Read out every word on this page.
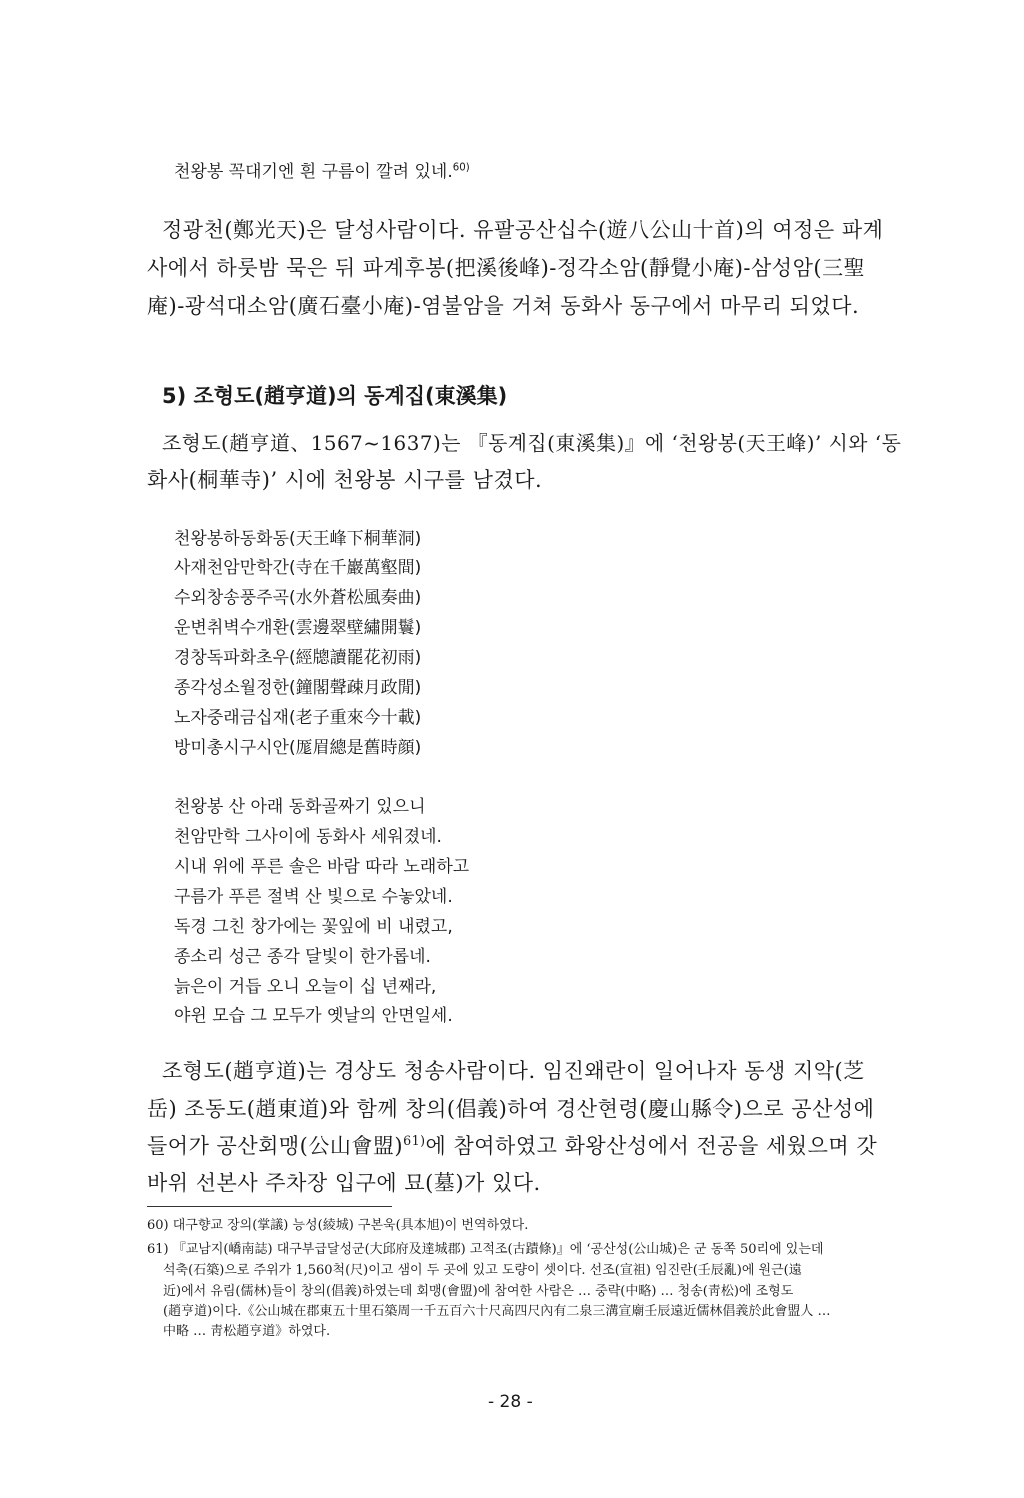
천왕봉 꼭대기엔 흰 구름이 깔려 있네.$^{60)}$
정광천(鄭光天)은 달성사람이다. 유팔공산십수(遊八公山十首)의 여정은 파계
사에서 하룻밤 묵은 뒤 파계후봉(把溪後峰)-정각소암(靜覺小庵)-삼성암(三聖
庵)-광석대소암(廣石臺小庵)-염불암을 거쳐 동화사 동구에서 마무리 되었다.
5) 조형도(趙亨道)의 동계집(東溪集)
조형도(趙亨道、1567~1637)는 『동계집(東溪集)』에 ‘천왕봉(天王峰)’ 시와 ‘동
화사(桐華寺)’ 시에 천왕봉 시구를 남겼다.
천왕봉하동화동(天王峰下桐華洞)
사재천암만학간(寺在千巖萬壑間)
수외창송풍주곡(水外蒼松風奏曲)
운변취벽수개환(雲邊翠壁繡開鬟)
경창독파화초우(經牕讀罷花初雨)
종각성소월정한(鐘閣聲疎月政閒)
노자중래금십재(老子重來今十載)
방미총시구시안(厖眉總是舊時顔)
천왕봉 산 아래 동화골짜기 있으니
천암만학 그사이에 동화사 세워졌네.
시내 위에 푸른 솔은 바람 따라 노래하고
구름가 푸른 절벽 산 빛으로 수놓았네.
독경 그친 창가에는 꽃잎에 비 내렸고,
종소리 성근 종각 달빛이 한가롭네.
늙은이 거듭 오니 오늘이 십 년째라,
야윈 모습 그 모두가 옛날의 안면일세.
조형도(趙亨道)는 경상도 청송사람이다. 임진왜란이 일어나자 동생 지악(芝
岳) 조동도(趙東道)와 함께 창의(倡義)하여 경산현령(慶山縣令)으로 공산성에
들어가 공산회맹(公山會盟)$^{61)}$에 참여하였고 화왕산성에서 전공을 세웠으며 갓
바위 선본사 주차장 입구에 묘(墓)가 있다.
60) 대구향교 장의(掌議) 능성(綾城) 구본욱(具本旭)이 번역하였다.
61) 『교남지(嶠南誌) 대구부급달성군(大邱府及達城郡) 고적조(古蹟條)』에 ‘공산성(公山城)은 군 동쪽 50리에 있는데
석축(石築)으로 주위가 1,560척(尺)이고 샘이 두 곳에 있고 도량이 셋이다. 선조(宣祖) 임진란(壬辰亂)에 원근(遠
近)에서 유림(儒林)들이 창의(倡義)하였는데 회맹(會盟)에 참여한 사람은 … 중략(中略) … 청송(靑松)에 조형도
(趙亨道)이다.《公山城在郡東五十里石築周一千五百六十尺高四尺內有二泉三溝宣廟壬辰遠近儒林倡義於此會盟人 …
中略 … 靑松趙亨道》하였다.
- 28 -
